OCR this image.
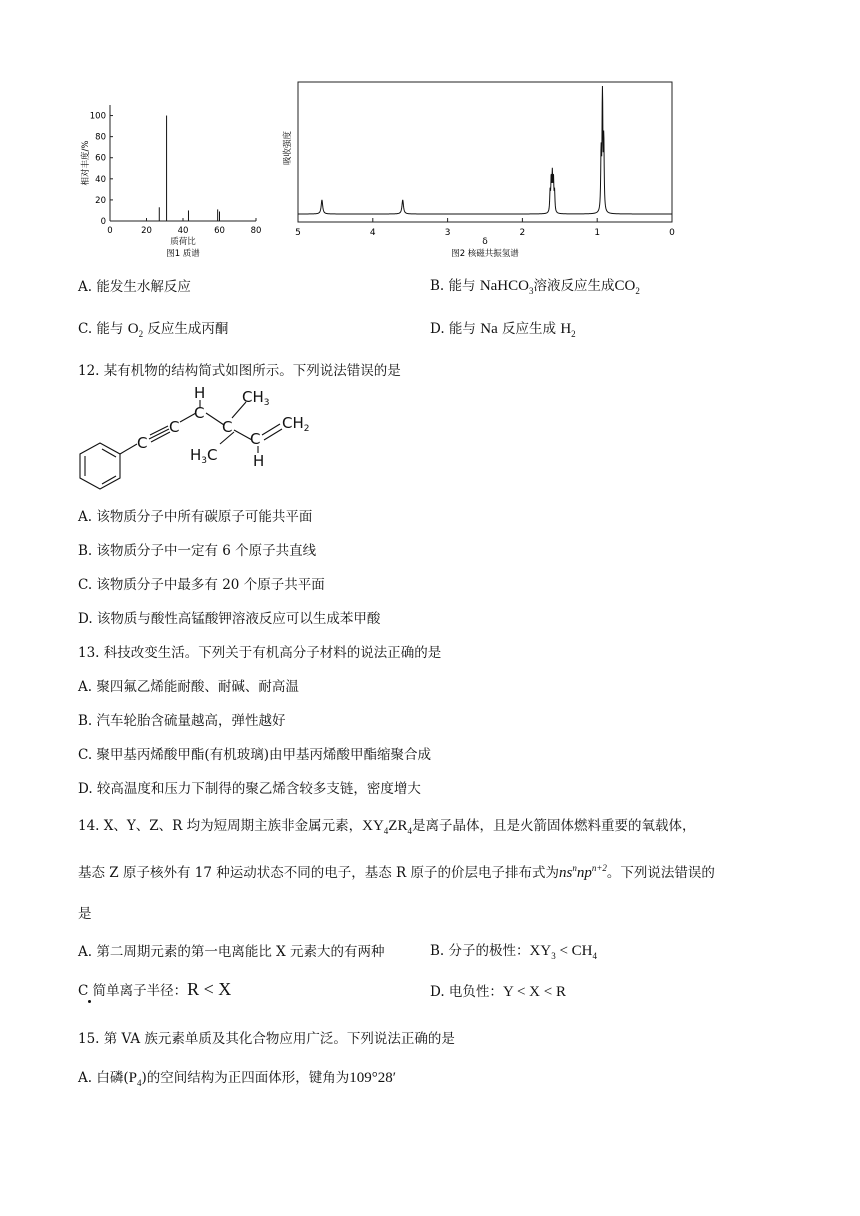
0
20
40
60
80
100
0	20	40	60	80
相对丰度/%
质荷比
图1 质谱
5	4	3	2	1	0
吸收强度
δ
图2 核磁共振氢谱
A. 能发生水解反应	B. 能与 NaHCO$_3$溶液反应生成$CO_2$
C. 能与 $O_2$ 反应生成丙酮	D. 能与 Na 反应生成 $H_2$
12. 某有机物的结构简式如图所示。下列说法错误的是
C
C
H
C
C
$CH_3$
C
$CH_2$
$H_3C$ H
A. 该物质分子中所有碳原子可能共平面
B. 该物质分子中一定有 6 个原子共直线
C. 该物质分子中最多有 20 个原子共平面
D. 该物质与酸性高锰酸钾溶液反应可以生成苯甲酸
13. 科技改变生活。下列关于有机高分子材料的说法正确的是
A. 聚四氟乙烯能耐酸、耐碱、耐高温
B. 汽车轮胎含硫量越高，弹性越好
C. 聚甲基丙烯酸甲酯(有机玻璃)由甲基丙烯酸甲酯缩聚合成
D. 较高温度和压力下制得的聚乙烯含较多支链，密度增大
14. X、Y、Z、R 均为短周期主族非金属元素，$XY_4ZR_4$是离子晶体，且是火箭固体燃料重要的氧载体，
基态 Z 原子核外有 17 种运动状态不同的电子，基态 R 原子的价层电子排布式为$ns^nnp^{n+2}$。下列说法错误的
是
A. 第二周期元素的第一电离能比 X 元素大的有两种	B. 分子的极性：$XY_3 < CH_4$
C 简单离子半径：R < X	D. 电负性：Y < X < R
15. 第 VA 族元素单质及其化合物应用广泛。下列说法正确的是
A. 白磷$(P_4)$的空间结构为正四面体形，键角为109°28′
